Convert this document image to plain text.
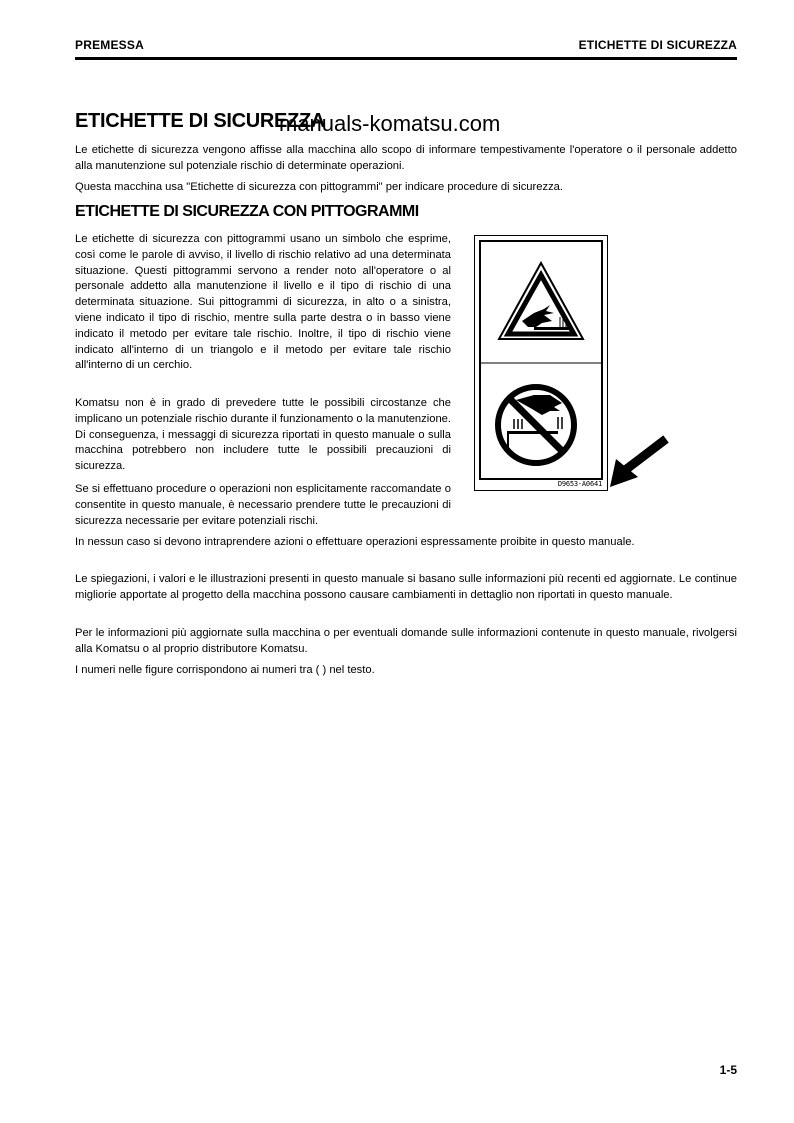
PREMESSA	ETICHETTE DI SICUREZZA
ETICHETTE DI SICUREZZA
manuals-komatsu.com

Le etichette di sicurezza vengono affisse alla macchina allo scopo di informare tempestivamente l'operatore o il personale addetto alla manutenzione sul potenziale rischio di determinate operazioni.

Questa macchina usa "Etichette di sicurezza con pittogrammi" per indicare procedure di sicurezza.

ETICHETTE DI SICUREZZA CON PITTOGRAMMI

Le etichette di sicurezza con pittogrammi usano un simbolo che esprime, così come le parole di avviso, il livello di rischio relativo ad una determinata situazione. Questi pittogrammi servono a render noto all'operatore o al personale addetto alla manutenzione il livello e il tipo di rischio di una determinata situazione. Sui pittogrammi di sicurezza, in alto o a sinistra, viene indicato il tipo di rischio, mentre sulla parte destra o in basso viene indicato il metodo per evitare tale rischio. Inoltre, il tipo di rischio viene indicato all'interno di un triangolo e il metodo per evitare tale rischio all'interno di un cerchio.

Komatsu non è in grado di prevedere tutte le possibili circostanze che implicano un potenziale rischio durante il funzionamento o la manutenzione. Di conseguenza, i messaggi di sicurezza riportati in questo manuale o sulla macchina potrebbero non includere tutte le possibili precauzioni di sicurezza.

Se si effettuano procedure o operazioni non esplicitamente raccomandate o consentite in questo manuale, è necessario prendere tutte le precauzioni di sicurezza necessarie per evitare potenziali rischi.

In nessun caso si devono intraprendere azioni o effettuare operazioni espressamente proibite in questo manuale.

Le spiegazioni, i valori e le illustrazioni presenti in questo manuale si basano sulle informazioni più recenti ed aggiornate. Le continue migliorie apportate al progetto della macchina possono causare cambiamenti in dettaglio non riportati in questo manuale.

Per le informazioni più aggiornate sulla macchina o per eventuali domande sulle informazioni contenute in questo manuale, rivolgersi alla Komatsu o al proprio distributore Komatsu.

I numeri nelle figure corrispondono ai numeri tra ( ) nel testo.

D9653-A0641
1-5
